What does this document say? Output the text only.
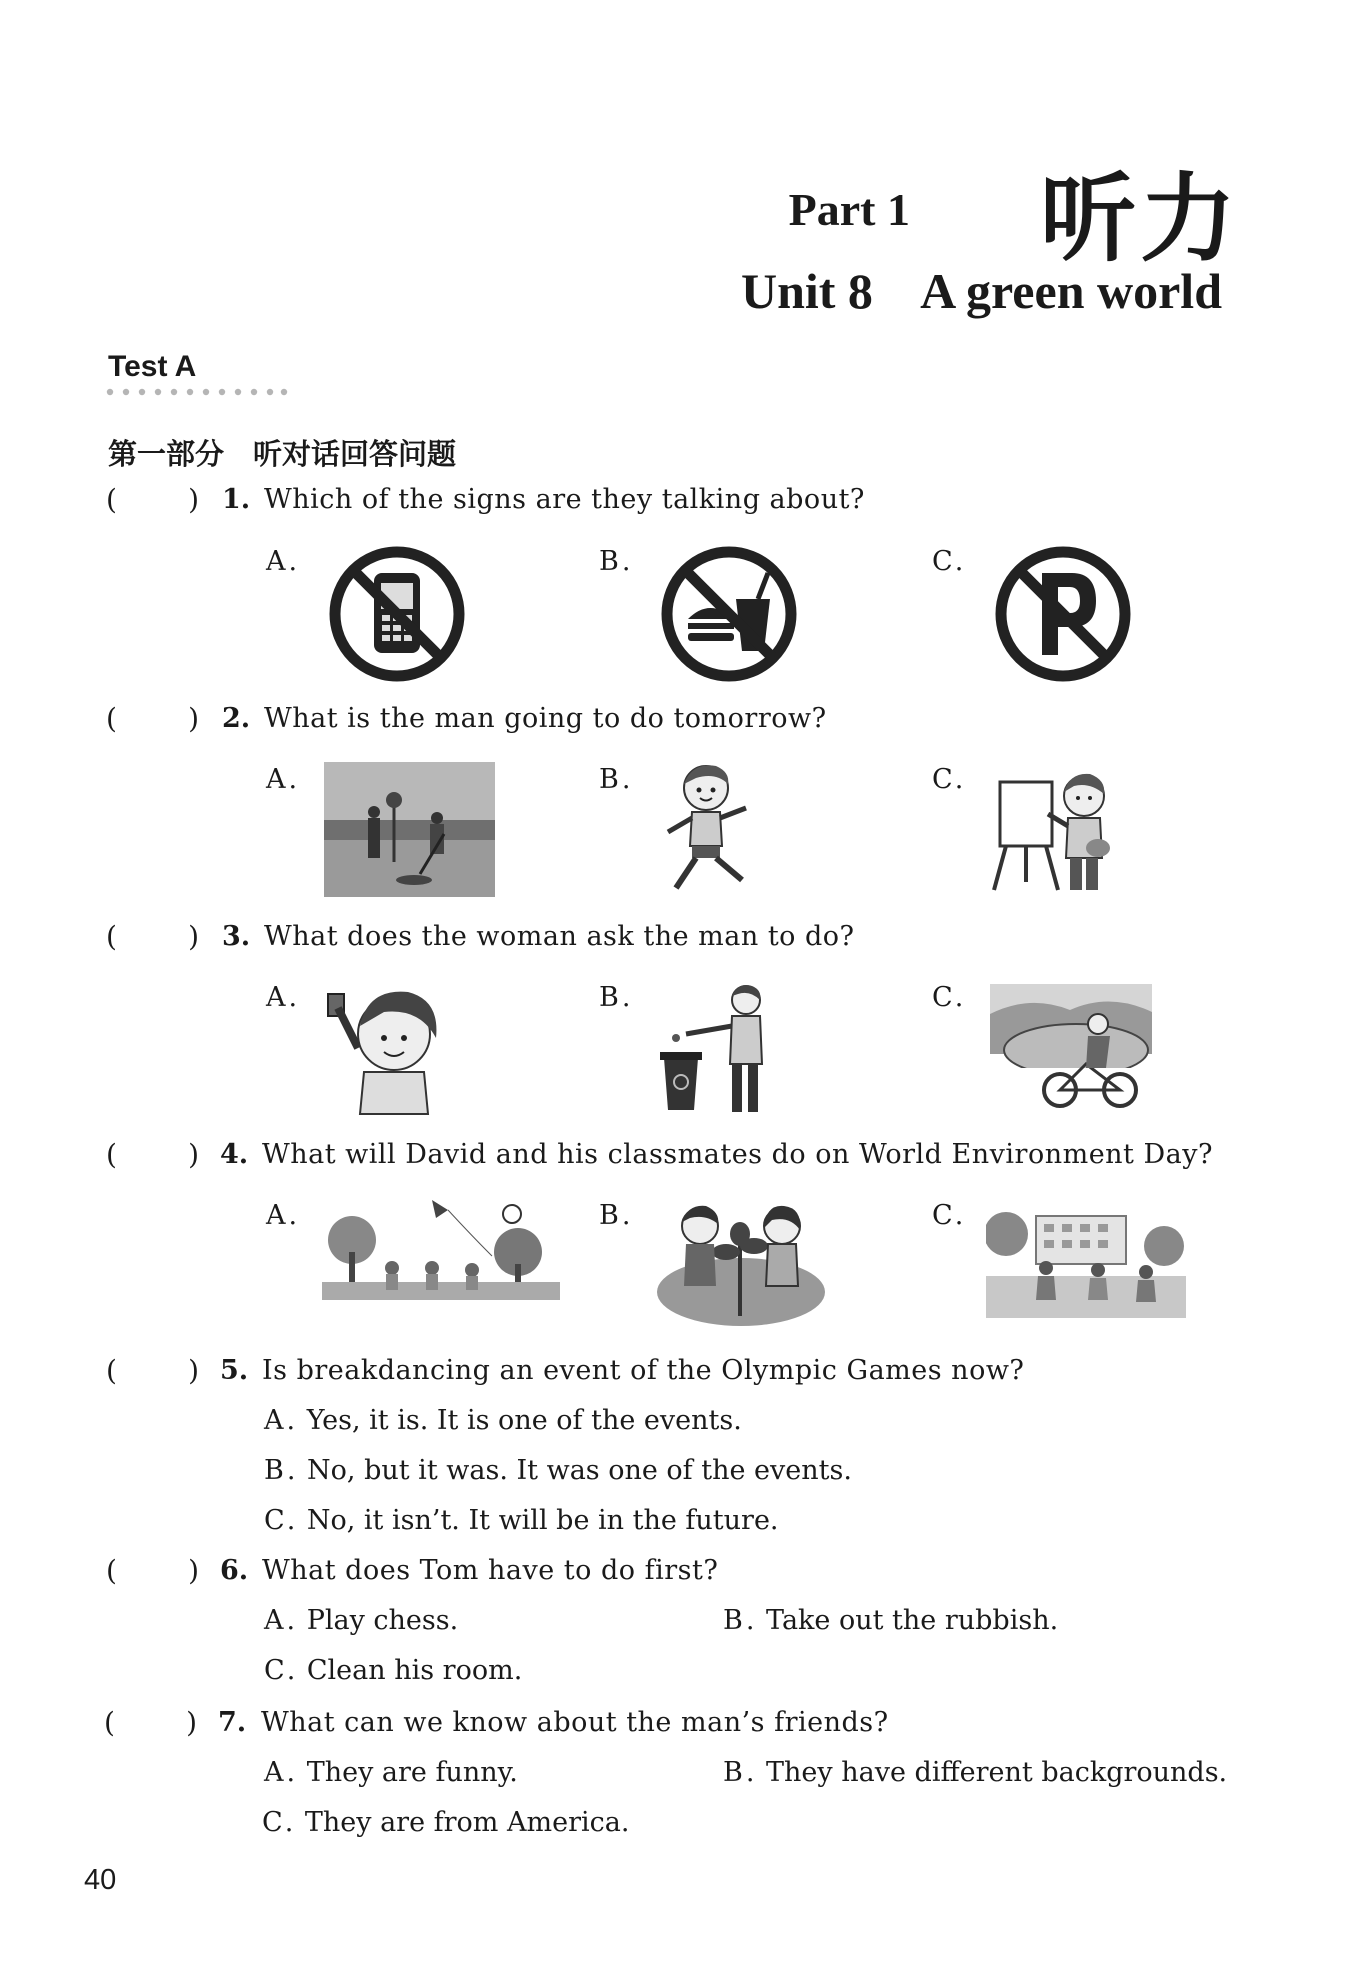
Part 1 听力
Unit 8    A green world
Test A
第一部分　听对话回答问题
(        ) 1. Which of the signs are they talking about?
A.	B.	C.
(        ) 2. What is the man going to do tomorrow?
A.	B.	C.
(        ) 3. What does the woman ask the man to do?
A.	B.	C.
(        ) 4. What will David and his classmates do on World Environment Day?
A.	B.	C.
(        ) 5. Is breakdancing an event of the Olympic Games now?
A. Yes, it is. It is one of the events.
B. No, but it was. It was one of the events.
C. No, it isn’t. It will be in the future.
(        ) 6. What does Tom have to do first?
A. Play chess.	B. Take out the rubbish.
C. Clean his room.
(        ) 7. What can we know about the man’s friends?
A. They are funny.	B. They have different backgrounds.
C. They are from America.
40
